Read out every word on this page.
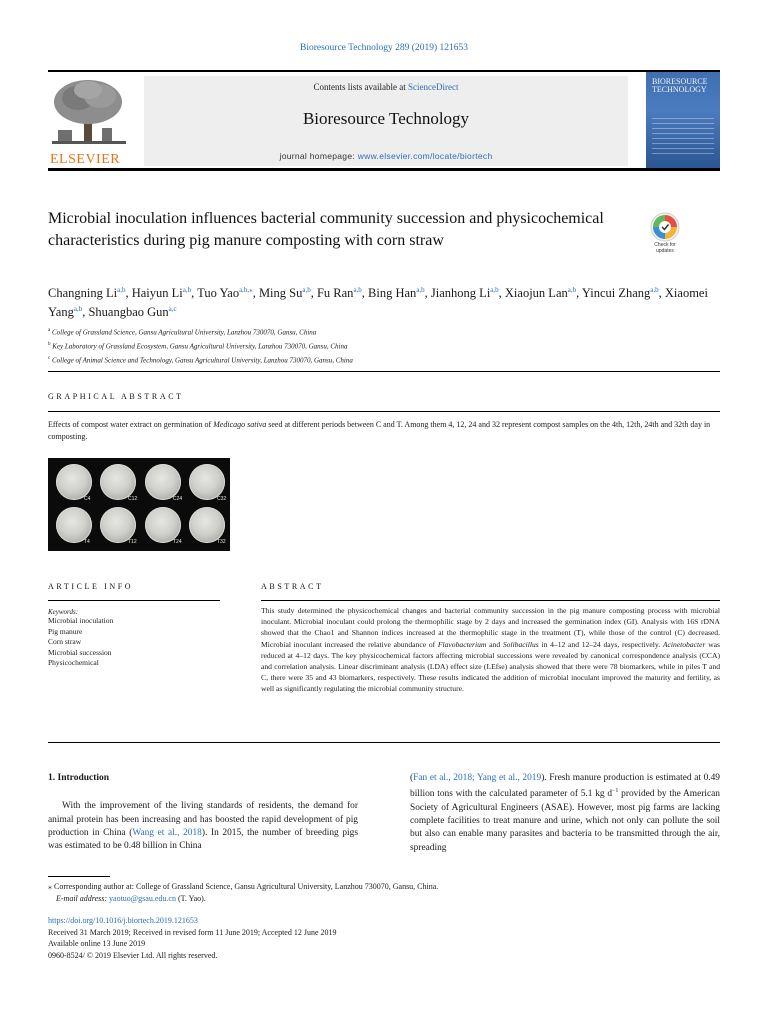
Bioresource Technology 289 (2019) 121653
ELSEVIER
Contents lists available at ScienceDirect
Bioresource Technology
journal homepage: www.elsevier.com/locate/biortech
BIORESOURCE TECHNOLOGY
Microbial inoculation influences bacterial community succession and physicochemical characteristics during pig manure composting with corn straw	Check for updates
Changning Li$^{a,b}$, Haiyun Li$^{a,b}$, Tuo Yao$^{a,b,⁎}$, Ming Su$^{a,b}$, Fu Ran$^{a,b}$, Bing Han$^{a,b}$, Jianhong Li$^{a,b}$, Xiaojun Lan$^{a,b}$, Yincui Zhang$^{a,b}$, Xiaomei Yang$^{a,b}$, Shuangbao Gun$^{a,c}$
$^a$ College of Grassland Science, Gansu Agricultural University, Lanzhou 730070, Gansu, China
$^b$ Key Laboratory of Grassland Ecosystem, Gansu Agricultural University, Lanzhou 730070, Gansu, China
$^c$ College of Animal Science and Technology, Gansu Agricultural University, Lanzhou 730070, Gansu, China
GRAPHICAL ABSTRACT
Effects of compost water extract on germination of Medicago sativa seed at different periods between C and T. Among them 4, 12, 24 and 32 represent compost samples on the 4th, 12th, 24th and 32th day in composting.
C4	C12	C24	C32
T4	T12	T24	T32
ARTICLE INFO	ABSTRACT
Keywords:
Microbial inoculation
Pig manure
Corn straw
Microbial succession
Physicochemical
This study determined the physicochemical changes and bacterial community succession in the pig manure composting process with microbial inoculant. Microbial inoculant could prolong the thermophilic stage by 2 days and increased the germination index (GI). Analysis with 16S rDNA showed that the Chao1 and Shannon indices increased at the thermophilic stage in the treatment (T), while those of the control (C) decreased. Microbial inoculant increased the relative abundance of Flavobacterium and Solibacillus in 4–12 and 12–24 days, respectively. Acinetobacter was reduced at 4–12 days. The key physicochemical factors affecting microbial successions were revealed by canonical correspondence analysis (CCA) and correlation analysis. Linear discriminant analysis (LDA) effect size (LEfse) analysis showed that there were 78 biomarkers, while in piles T and C, there were 35 and 43 biomarkers, respectively. These results indicated the addition of microbial inoculant improved the maturity and fertility, as well as significantly regulating the microbial community structure.
1. Introduction

With the improvement of the living standards of residents, the demand for animal protein has been increasing and has boosted the rapid development of pig production in China (Wang et al., 2018). In 2015, the number of breeding pigs was estimated to be 0.48 billion in China

(Fan et al., 2018; Yang et al., 2019). Fresh manure production is estimated at 0.49 billion tons with the calculated parameter of 5.1 kg $d^{-1}$ provided by the American Society of Agricultural Engineers (ASAE). However, most pig farms are lacking complete facilities to treat manure and urine, which not only can pollute the soil but also can enable many parasites and bacteria to be transmitted through the air, spreading

⁎ Corresponding author at: College of Grassland Science, Gansu Agricultural University, Lanzhou 730070, Gansu, China.

E-mail address: yaotuo@gsau.edu.cn (T. Yao).

https://doi.org/10.1016/j.biortech.2019.121653
Received 31 March 2019; Received in revised form 11 June 2019; Accepted 12 June 2019
Available online 13 June 2019
0960-8524/ © 2019 Elsevier Ltd. All rights reserved.
